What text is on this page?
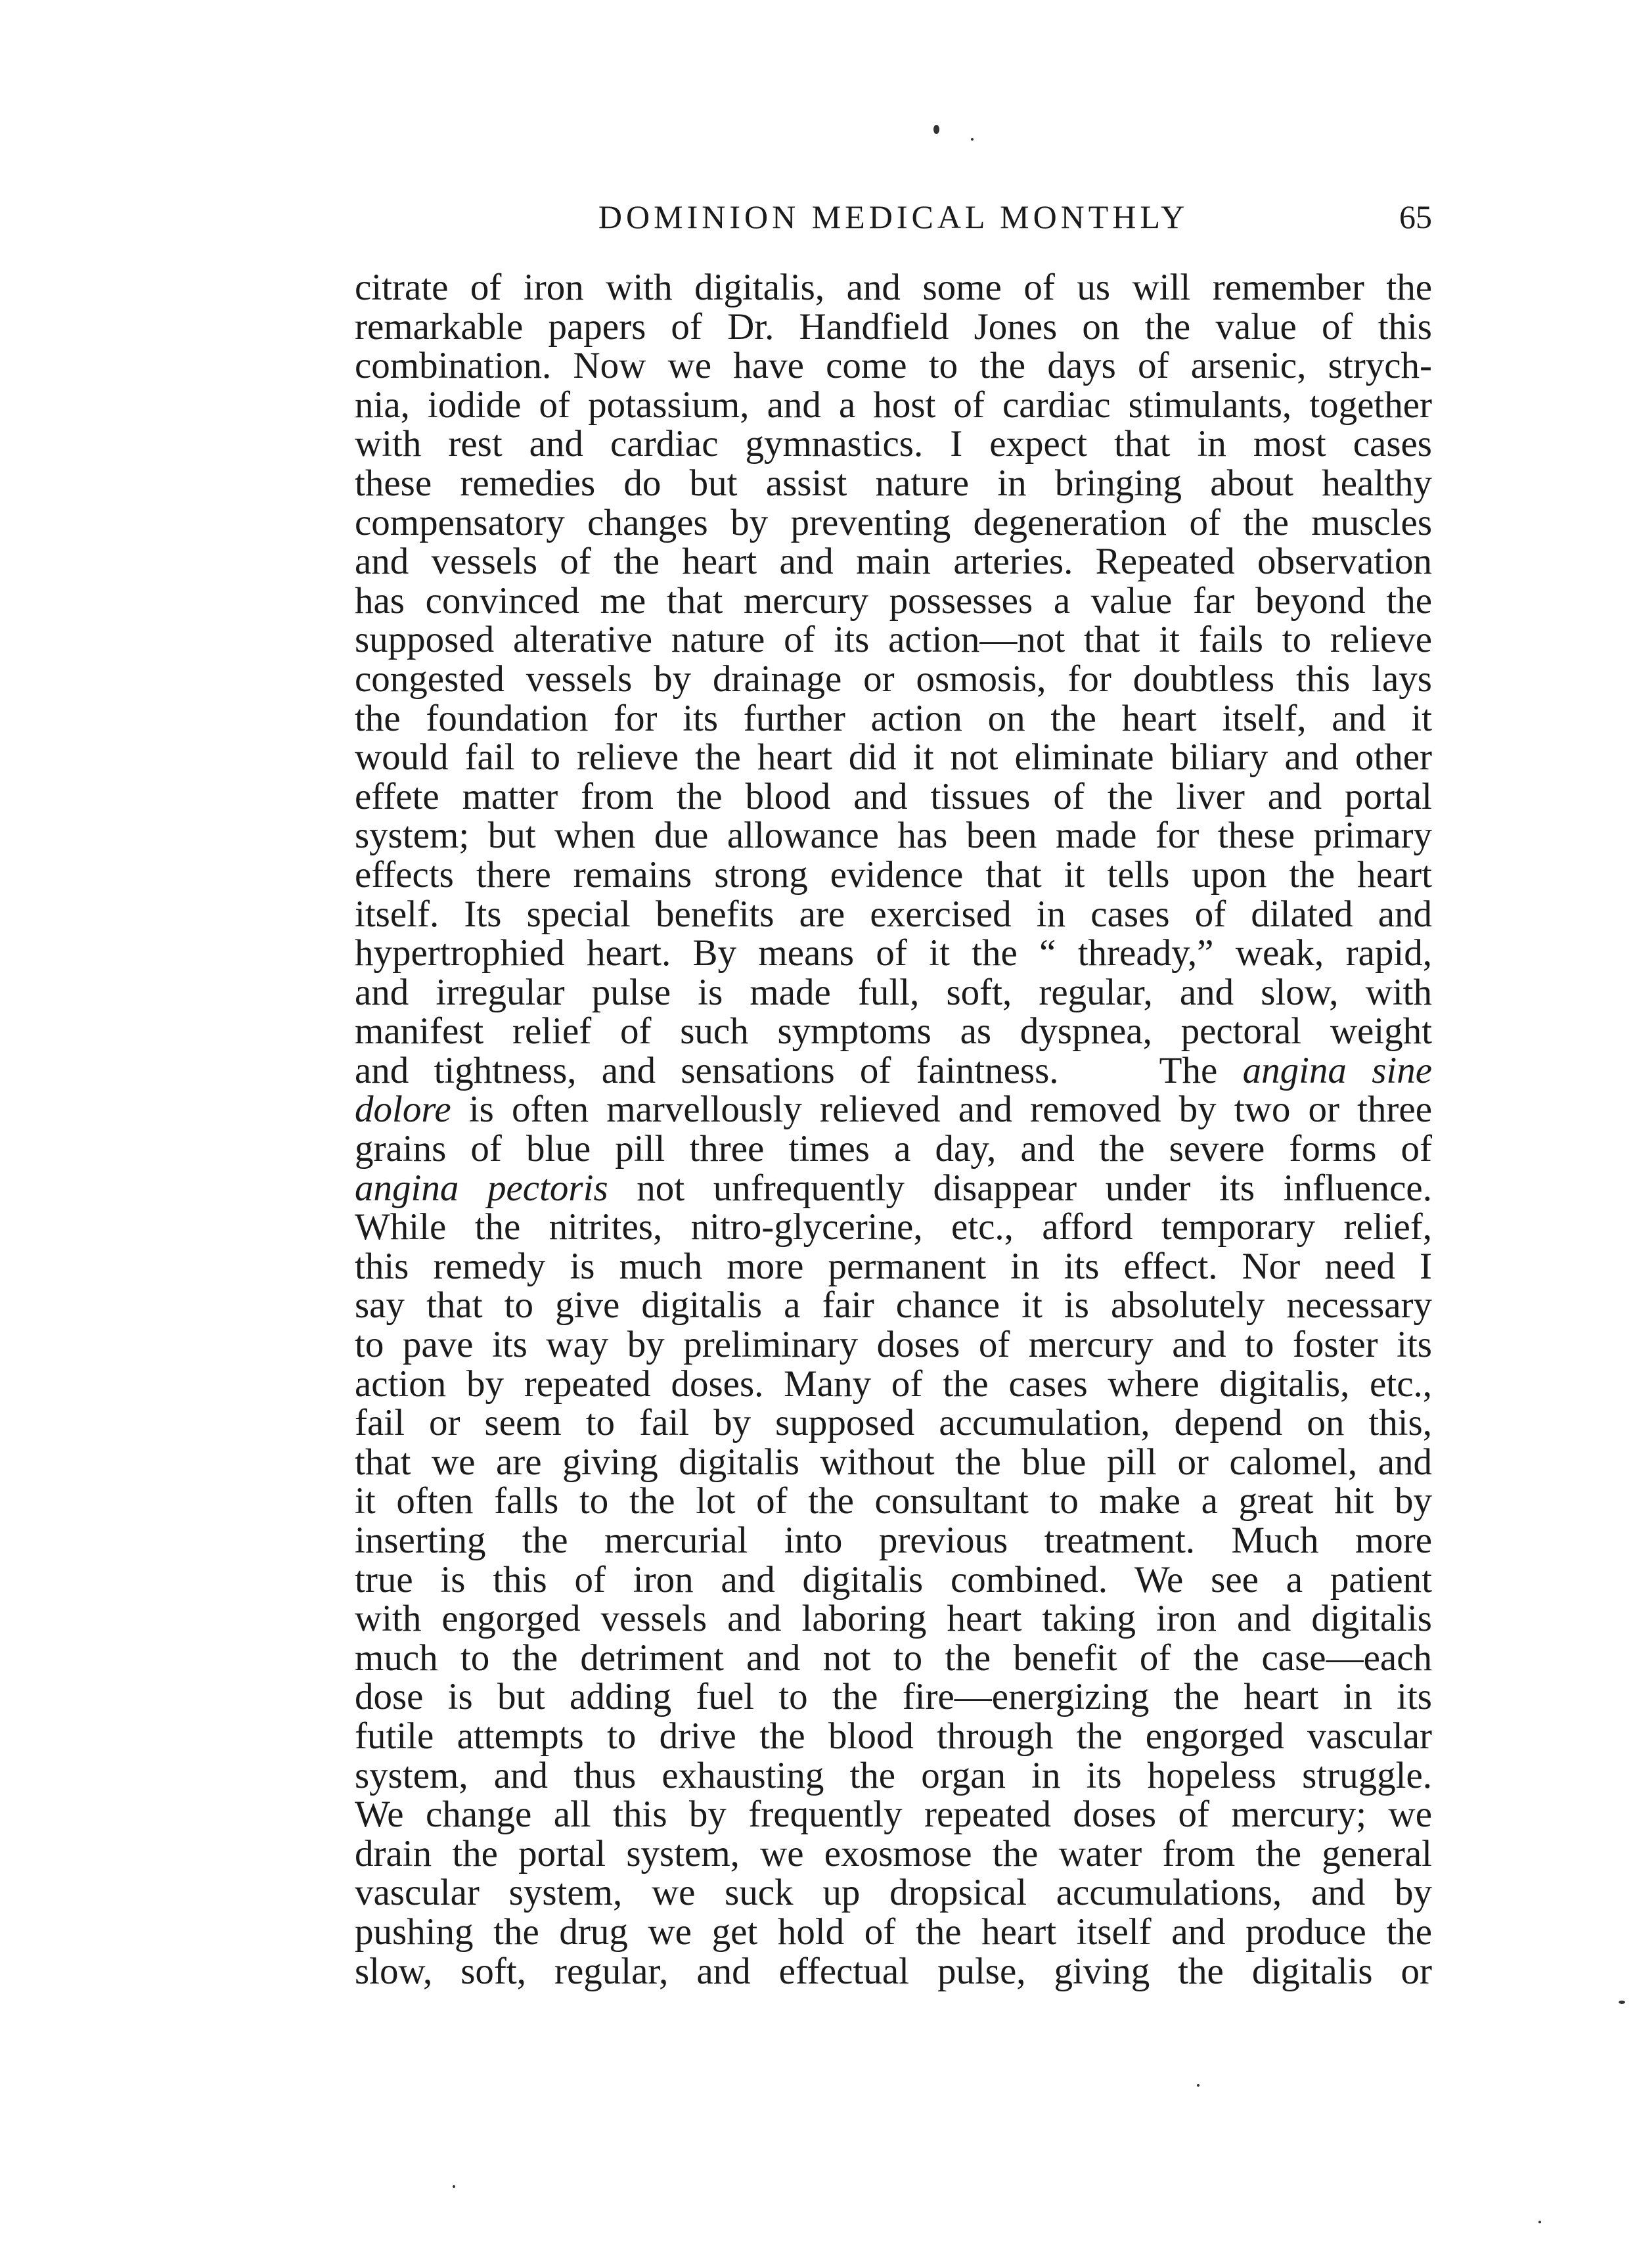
DOMINION MEDICAL MONTHLY	65
citrate of iron with digitalis, and some of us will remember the
remarkable papers of Dr. Handfield Jones on the value of this
combination. Now we have come to the days of arsenic, strych-
nia, iodide of potassium, and a host of cardiac stimulants, together
with rest and cardiac gymnastics. I expect that in most cases
these remedies do but assist nature in bringing about healthy
compensatory changes by preventing degeneration of the muscles
and vessels of the heart and main arteries. Repeated observation
has convinced me that mercury possesses a value far beyond the
supposed alterative nature of its action—not that it fails to relieve
congested vessels by drainage or osmosis, for doubtless this lays
the foundation for its further action on the heart itself, and it
would fail to relieve the heart did it not eliminate biliary and other
effete matter from the blood and tissues of the liver and portal
system; but when due allowance has been made for these primary
effects there remains strong evidence that it tells upon the heart
itself. Its special benefits are exercised in cases of dilated and
hypertrophied heart. By means of it the “ thready,” weak, rapid,
and irregular pulse is made full, soft, regular, and slow, with
manifest relief of such symptoms as dyspnea, pectoral weight
and tightness, and sensations of faintness.	The angina sine
dolore is often marvellously relieved and removed by two or three
grains of blue pill three times a day, and the severe forms of
angina pectoris not unfrequently disappear under its influence.
While the nitrites, nitro-glycerine, etc., afford temporary relief,
this remedy is much more permanent in its effect. Nor need I
say that to give digitalis a fair chance it is absolutely necessary
to pave its way by preliminary doses of mercury and to foster its
action by repeated doses. Many of the cases where digitalis, etc.,
fail or seem to fail by supposed accumulation, depend on this,
that we are giving digitalis without the blue pill or calomel, and
it often falls to the lot of the consultant to make a great hit by
inserting the mercurial into previous treatment. Much more
true is this of iron and digitalis combined. We see a patient
with engorged vessels and laboring heart taking iron and digitalis
much to the detriment and not to the benefit of the case—each
dose is but adding fuel to the fire—energizing the heart in its
futile attempts to drive the blood through the engorged vascular
system, and thus exhausting the organ in its hopeless struggle.
We change all this by frequently repeated doses of mercury; we
drain the portal system, we exosmose the water from the general
vascular system, we suck up dropsical accumulations, and by
pushing the drug we get hold of the heart itself and produce the
slow, soft, regular, and effectual pulse, giving the digitalis or
